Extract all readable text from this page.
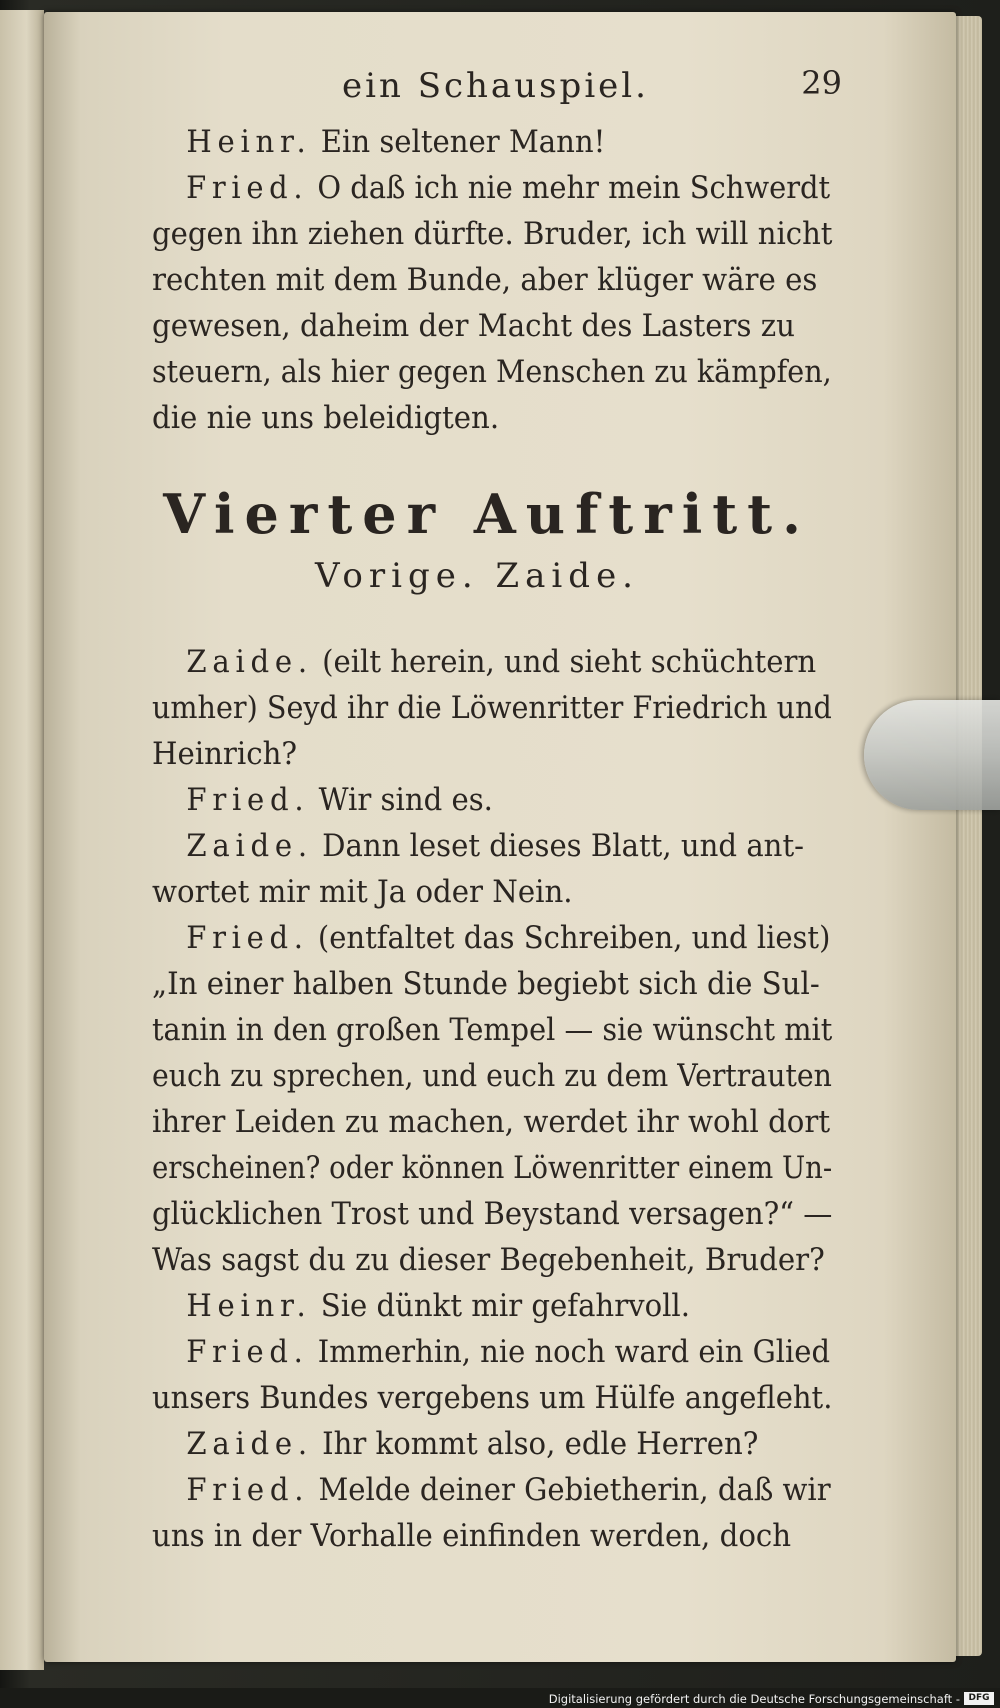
ein Schauspiel.	29
Heinr. Ein seltener Mann!
Fried. O daß ich nie mehr mein Schwerdt
gegen ihn ziehen dürfte. Bruder, ich will nicht
rechten mit dem Bunde, aber klüger wäre es
gewesen, daheim der Macht des Lasters zu
steuern, als hier gegen Menschen zu kämpfen,
die nie uns beleidigten.
Vierter Auftritt.
Vorige. Zaide.
Zaide. (eilt herein, und sieht schüchtern
umher) Seyd ihr die Löwenritter Friedrich und
Heinrich?
Fried. Wir sind es.
Zaide. Dann leset dieses Blatt, und ant-
wortet mir mit Ja oder Nein.
Fried. (entfaltet das Schreiben, und liest)
„In einer halben Stunde begiebt sich die Sul-
tanin in den großen Tempel — sie wünscht mit
euch zu sprechen, und euch zu dem Vertrauten
ihrer Leiden zu machen, werdet ihr wohl dort
erscheinen? oder können Löwenritter einem Un-
glücklichen Trost und Beystand versagen?“ —
Was sagst du zu dieser Begebenheit, Bruder?
Heinr. Sie dünkt mir gefahrvoll.
Fried. Immerhin, nie noch ward ein Glied
unsers Bundes vergebens um Hülfe angefleht.
Zaide. Ihr kommt also, edle Herren?
Fried. Melde deiner Gebietherin, daß wir
uns in der Vorhalle einfinden werden, doch
Digitalisierung gefördert durch die Deutsche Forschungsgemeinschaft - DFG
